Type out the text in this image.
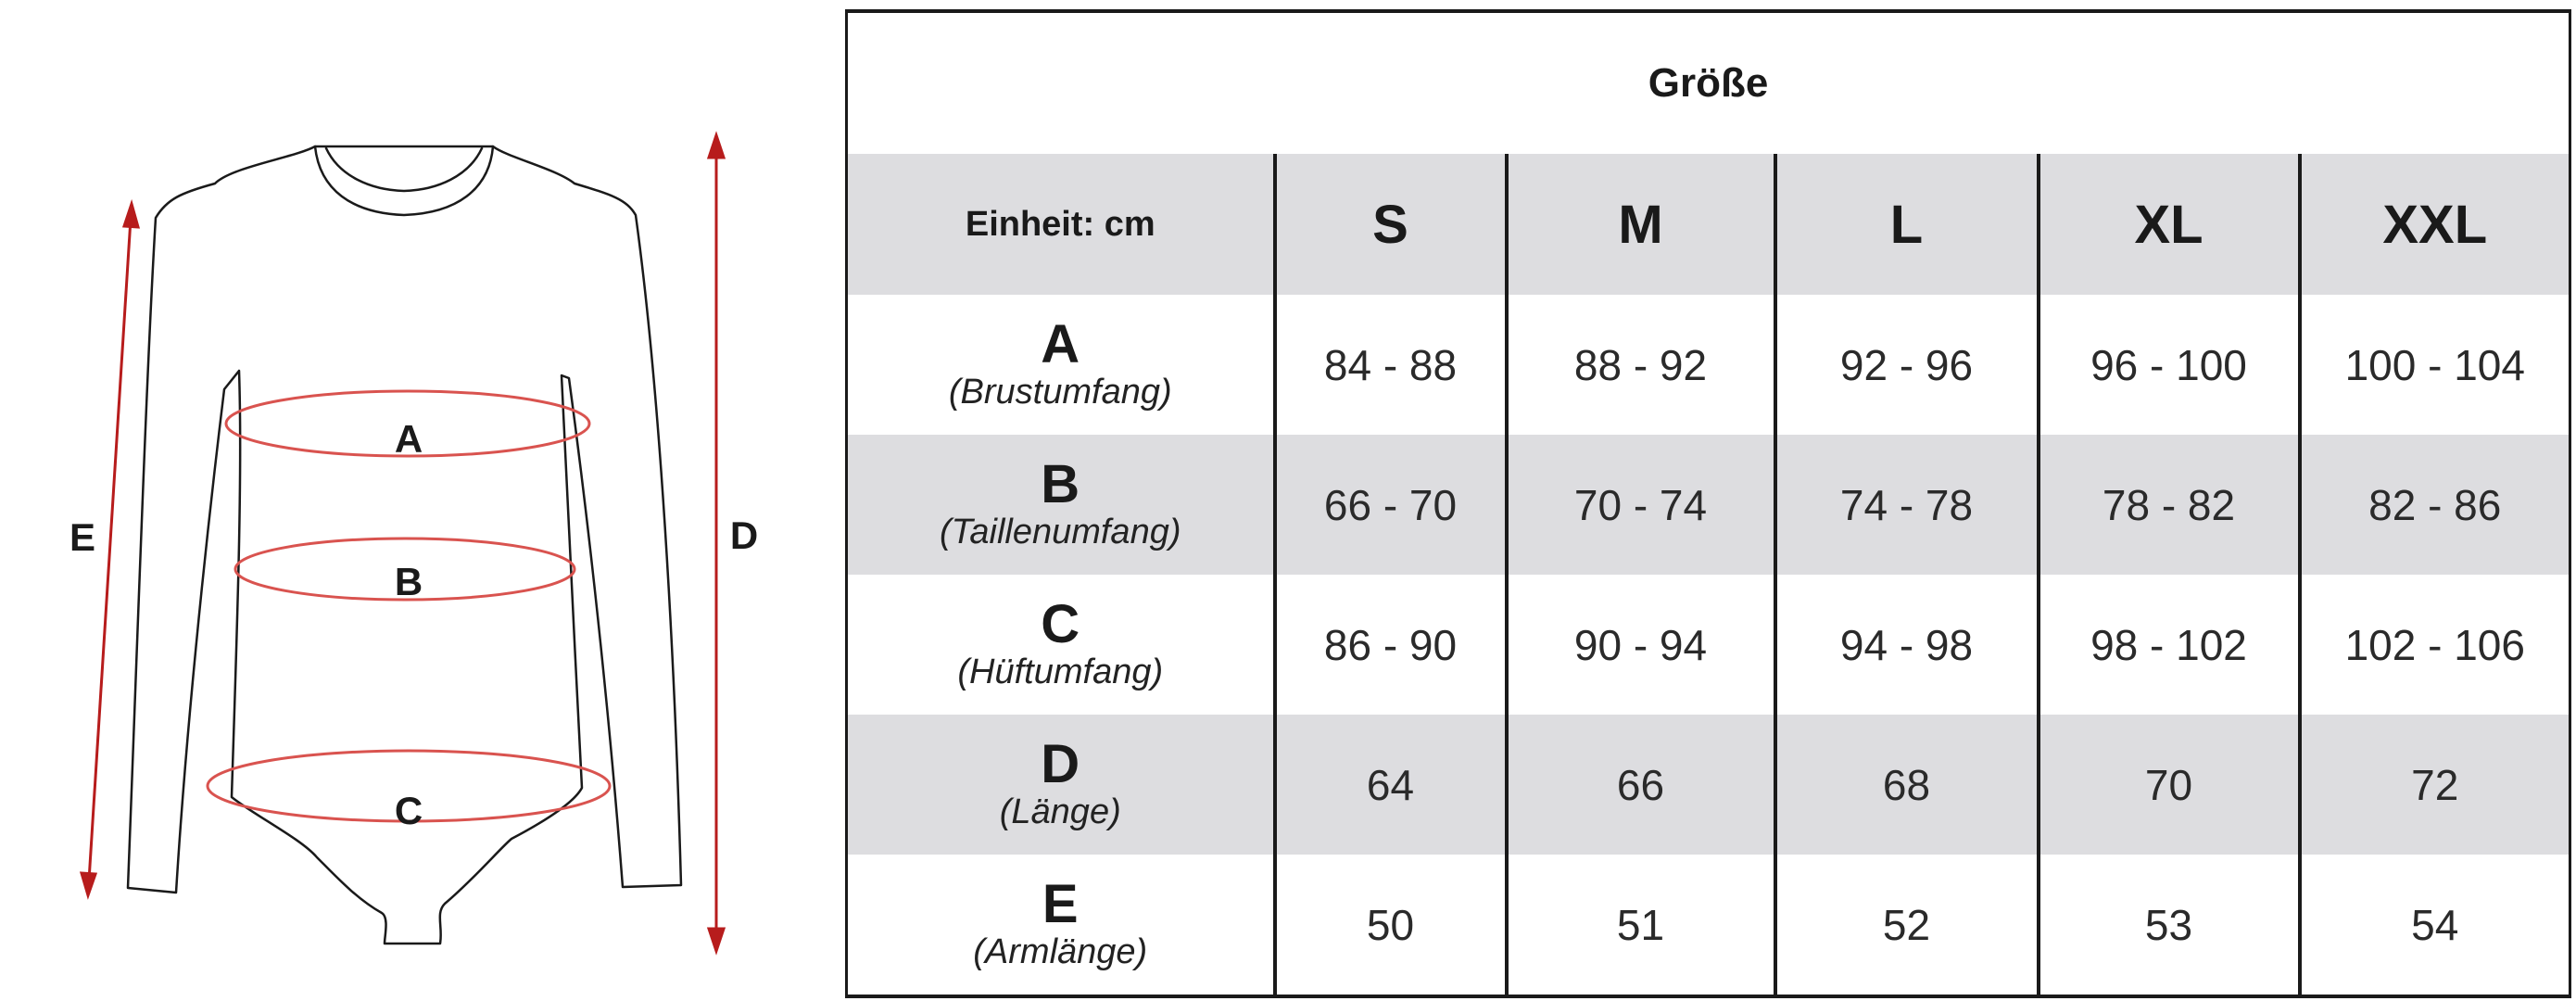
A
B
C
D
E
Größe					
Einheit: cm	S	M	L	XL	XXL

A
(Brustumfang)	84 - 88	88 - 92	92 - 96	96 - 100	100 - 104

B
(Taillenumfang)	66 - 70	70 - 74	74 - 78	78 - 82	82 - 86

C
(Hüftumfang)	86 - 90	90 - 94	94 - 98	98 - 102	102 - 106

D
(Länge)	64	66	68	70	72

E
(Armlänge)	50	51	52	53	54
